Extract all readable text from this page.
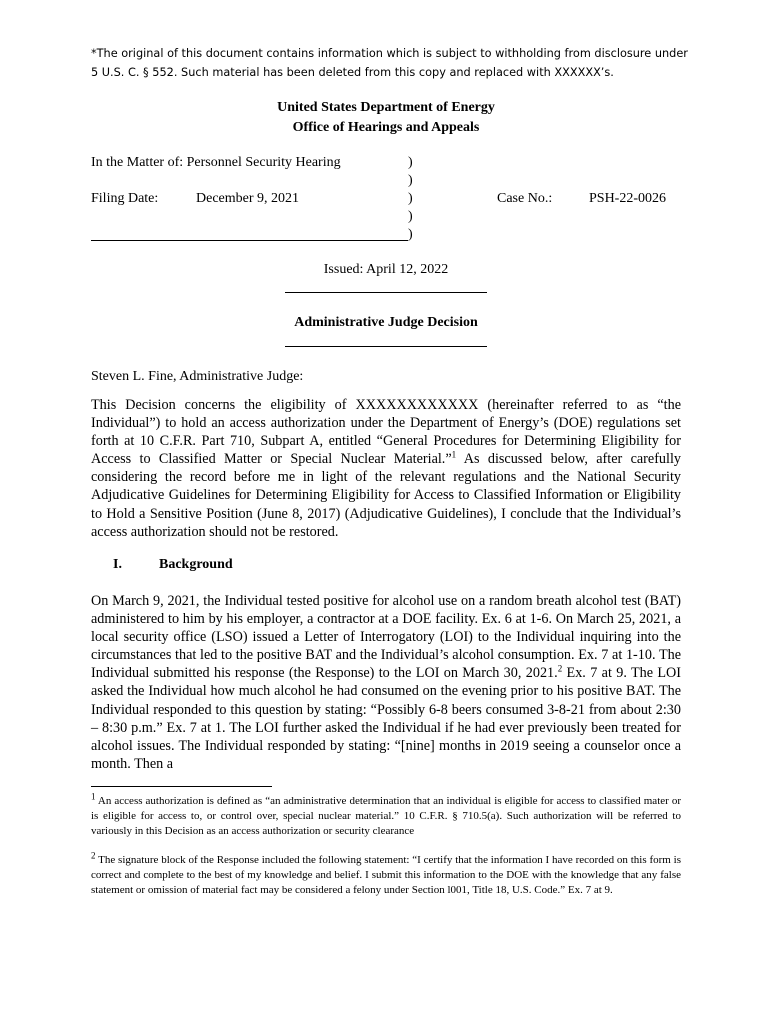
*The original of this document contains information which is subject to withholding from disclosure under 5 U.S. C. § 552. Such material has been deleted from this copy and replaced with XXXXXX’s.
United States Department of Energy
Office of Hearings and Appeals
In the Matter of: Personnel Security Hearing
Filing Date:	December 9, 2021	Case No.:	PSH-22-0026
)
)
)
)
)
Issued: April 12, 2022
Administrative Judge Decision
Steven L. Fine, Administrative Judge:
This Decision concerns the eligibility of XXXXXXXXXXXX (hereinafter referred to as “the Individual”) to hold an access authorization under the Department of Energy’s (DOE) regulations set forth at 10 C.F.R. Part 710, Subpart A, entitled “General Procedures for Determining Eligibility for Access to Classified Matter or Special Nuclear Material.”$^1$ As discussed below, after carefully considering the record before me in light of the relevant regulations and the National Security Adjudicative Guidelines for Determining Eligibility for Access to Classified Information or Eligibility to Hold a Sensitive Position (June 8, 2017) (Adjudicative Guidelines), I conclude that the Individual’s access authorization should not be restored.
I.	Background
On March 9, 2021, the Individual tested positive for alcohol use on a random breath alcohol test (BAT) administered to him by his employer, a contractor at a DOE facility. Ex. 6 at 1-6. On March 25, 2021, a local security office (LSO) issued a Letter of Interrogatory (LOI) to the Individual inquiring into the circumstances that led to the positive BAT and the Individual’s alcohol consumption. Ex. 7 at 1-10. The Individual submitted his response (the Response) to the LOI on March 30, 2021.$^2$ Ex. 7 at 9. The LOI asked the Individual how much alcohol he had consumed on the evening prior to his positive BAT. The Individual responded to this question by stating: “Possibly 6-8 beers consumed 3-8-21 from about 2:30 – 8:30 p.m.” Ex. 7 at 1. The LOI further asked the Individual if he had ever previously been treated for alcohol issues. The Individual responded by stating: “[nine] months in 2019 seeing a counselor once a month. Then a
$^1$ An access authorization is defined as “an administrative determination that an individual is eligible for access to classified mater or is eligible for access to, or control over, special nuclear material.” 10 C.F.R. § 710.5(a). Such authorization will be referred to variously in this Decision as an access authorization or security clearance
$^2$ The signature block of the Response included the following statement: “I certify that the information I have recorded on this form is correct and complete to the best of my knowledge and belief. I submit this information to the DOE with the knowledge that any false statement or omission of material fact may be considered a felony under Section l001, Title 18, U.S. Code.” Ex. 7 at 9.
